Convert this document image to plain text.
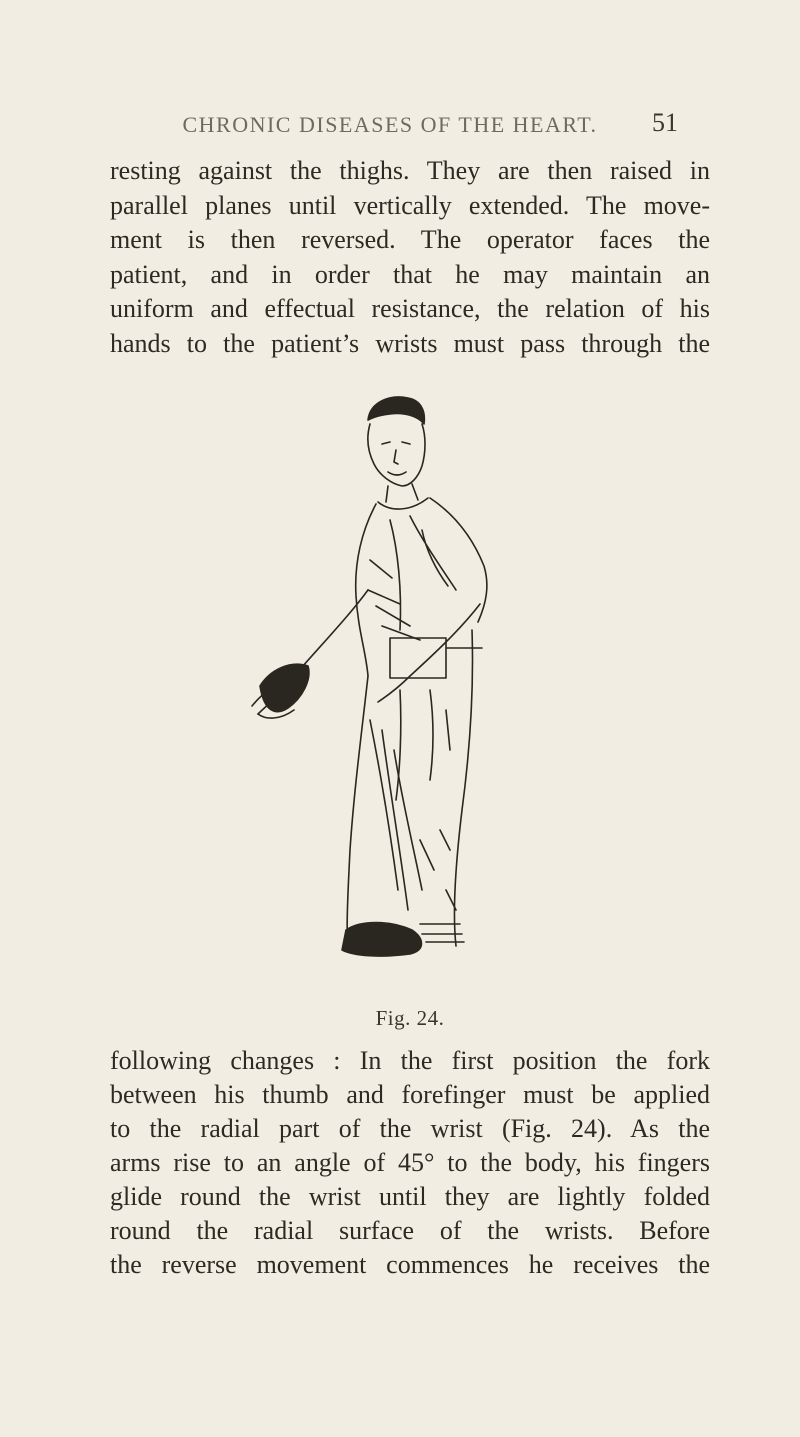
CHRONIC DISEASES OF THE HEART. 51
resting against the thighs. They are then raised in
parallel planes until vertically extended. The move-
ment is then reversed. The operator faces the
patient, and in order that he may maintain an
uniform and effectual resistance, the relation of his
hands to the patient’s wrists must pass through the
Fig. 24.
following changes : In the first position the fork
between his thumb and forefinger must be applied
to the radial part of the wrist (Fig. 24). As the
arms rise to an angle of 45° to the body, his fingers
glide round the wrist until they are lightly folded
round the radial surface of the wrists. Before
the reverse movement commences he receives the
